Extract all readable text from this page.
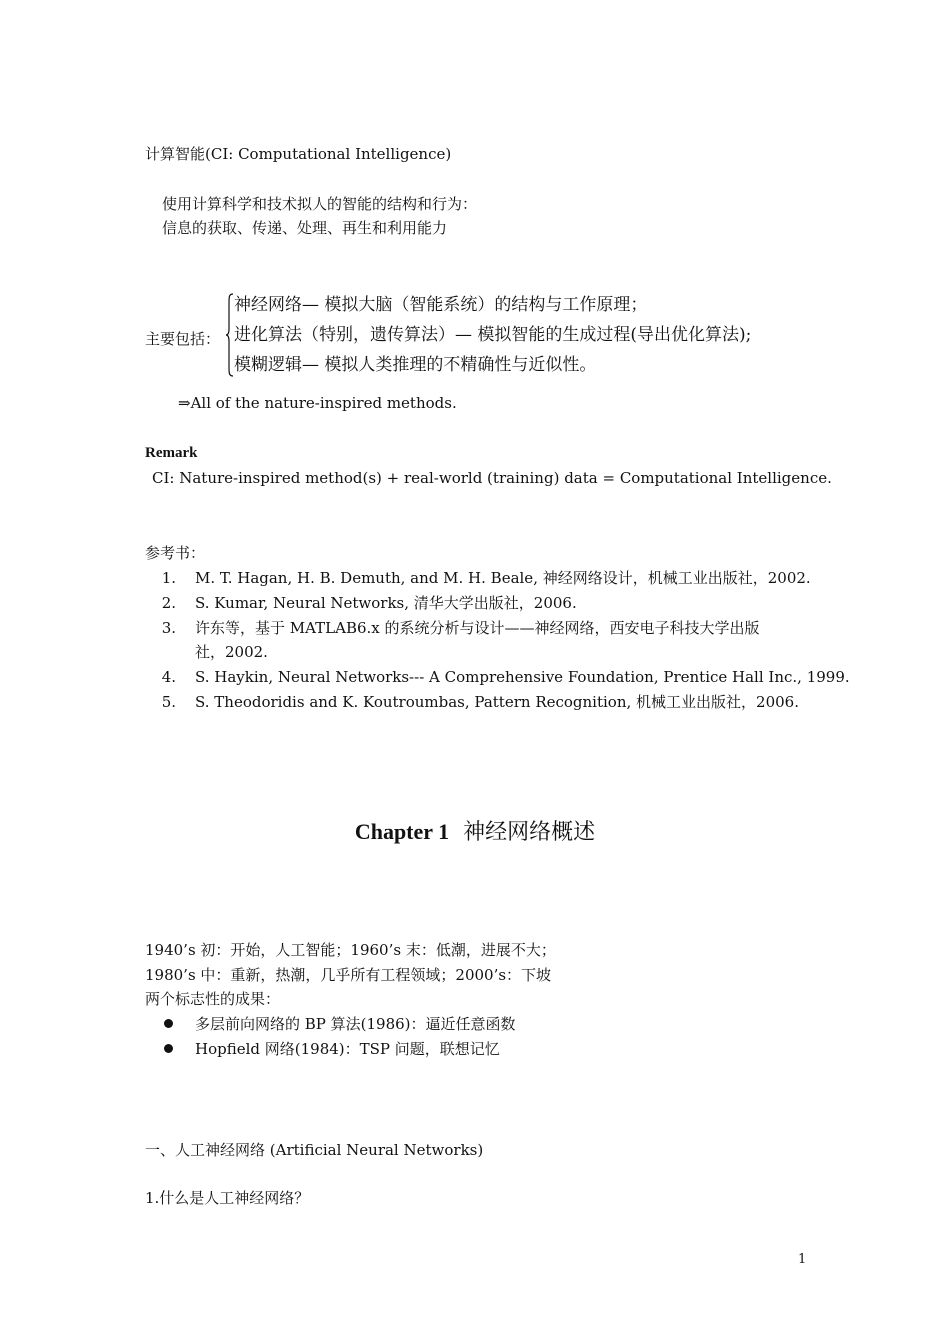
计算智能(CI: Computational Intelligence)
使用计算科学和技术拟人的智能的结构和行为：
信息的获取、传递、处理、再生和利用能力
主要包括：
神经网络— 模拟大脑（智能系统）的结构与工作原理；
进化算法（特别，遗传算法）— 模拟智能的生成过程(导出优化算法);
模糊逻辑— 模拟人类推理的不精确性与近似性。
⇒All of the nature-inspired methods.
Remark
CI: Nature-inspired method(s) + real-world (training) data = Computational Intelligence.
参考书：
1. M. T. Hagan, H. B. Demuth, and M. H. Beale, 神经网络设计，机械工业出版社，2002.
2. S. Kumar, Neural Networks, 清华大学出版社，2006.
3. 许东等，基于 MATLAB6.x 的系统分析与设计——神经网络，西安电子科技大学出版
社，2002.
4. S. Haykin, Neural Networks--- A Comprehensive Foundation, Prentice Hall Inc., 1999.
5. S. Theodoridis and K. Koutroumbas, Pattern Recognition, 机械工业出版社，2006.
Chapter 1 神经网络概述
1940’s 初：开始，人工智能；1960’s 末：低潮，进展不大；
1980’s 中：重新，热潮，几乎所有工程领域；2000’s：下坡
两个标志性的成果：
多层前向网络的 BP 算法(1986)：逼近任意函数
Hopfield 网络(1984)：TSP 问题，联想记忆
一、人工神经网络 (Artificial Neural Networks)
1.什么是人工神经网络？
1
